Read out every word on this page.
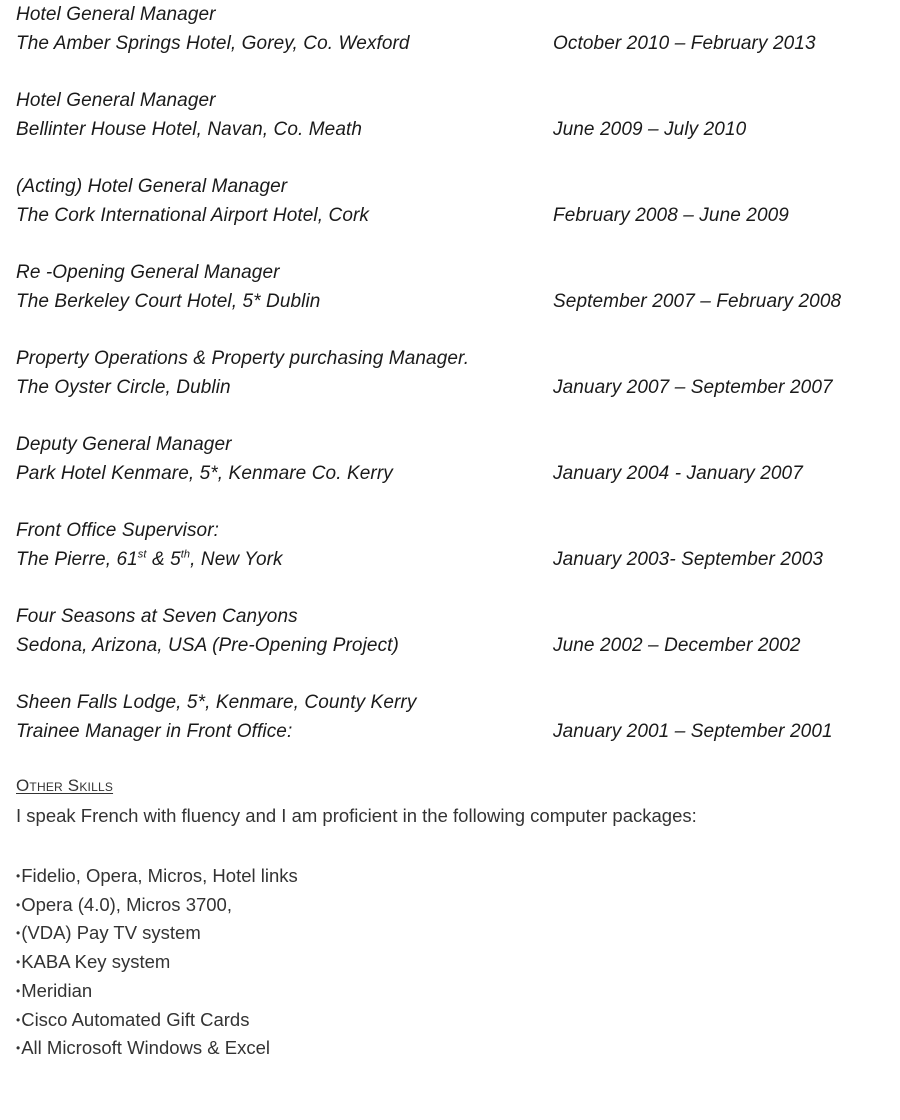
Hotel General Manager
The Amber Springs Hotel, Gorey, Co. Wexford	October 2010 – February 2013
Hotel General Manager
Bellinter House Hotel, Navan, Co. Meath	June 2009 – July 2010
(Acting) Hotel General Manager
The Cork International Airport Hotel, Cork	February 2008 – June 2009
Re -Opening General Manager
The Berkeley Court Hotel, 5* Dublin	September 2007 – February 2008
Property Operations & Property purchasing Manager.
The Oyster Circle, Dublin	January 2007 – September 2007
Deputy General Manager
Park Hotel Kenmare, 5*, Kenmare Co. Kerry	January 2004 - January 2007
Front Office Supervisor:
The Pierre, 61st & 5th, New York	January 2003- September 2003
Four Seasons at Seven Canyons
Sedona, Arizona, USA (Pre-Opening Project)	June 2002 – December 2002
Sheen Falls Lodge, 5*, Kenmare, County Kerry
Trainee Manager in Front Office:	January 2001 – September 2001
Other Skills
I speak French with fluency and I am proficient in the following computer packages:
•Fidelio, Opera, Micros, Hotel links
•Opera (4.0), Micros 3700,
•(VDA) Pay TV system
•KABA Key system
•Meridian
•Cisco Automated Gift Cards
•All Microsoft Windows & Excel
